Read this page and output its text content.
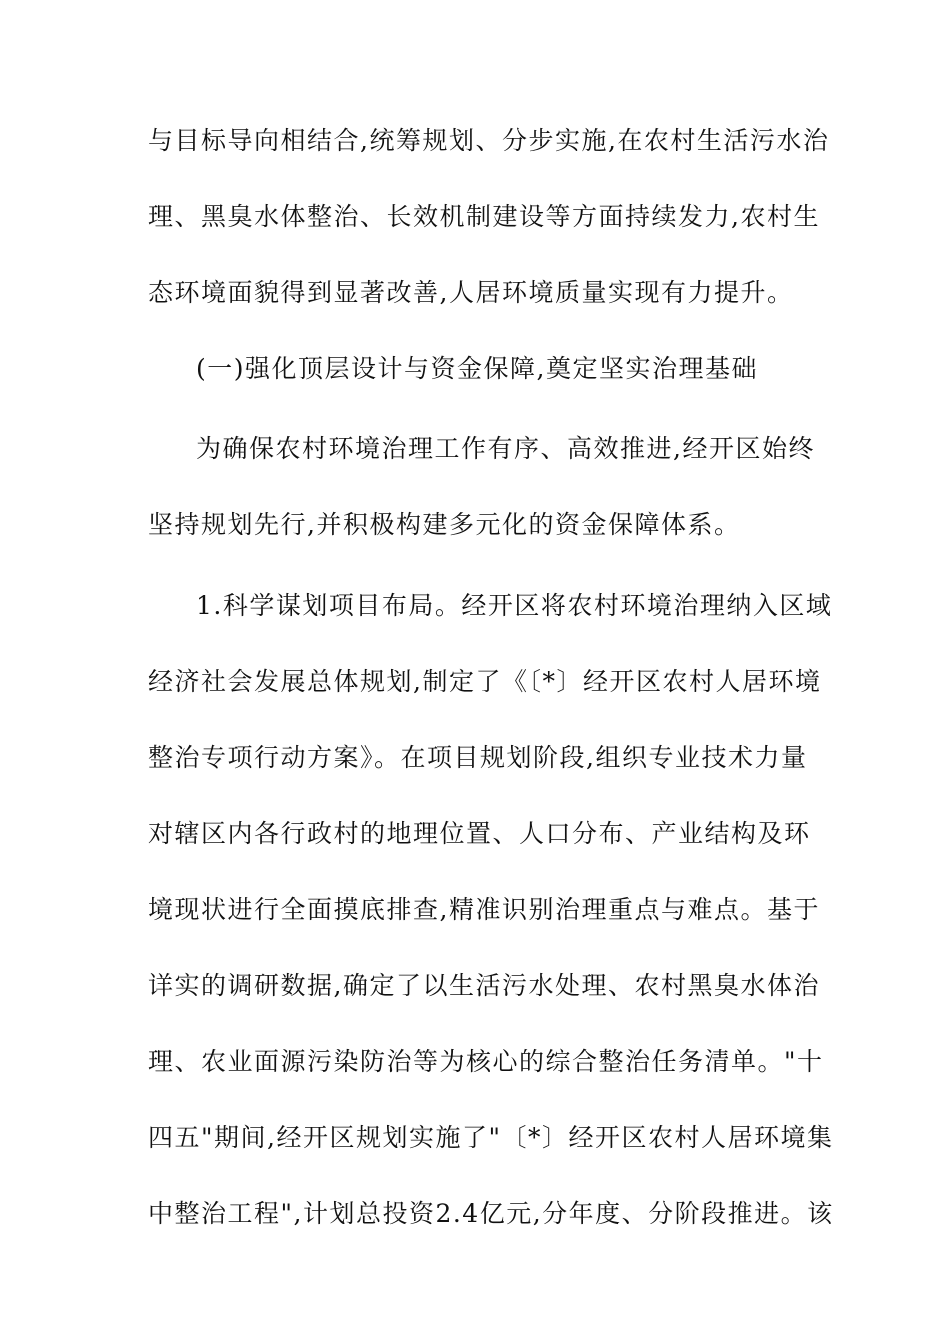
与目标导向相结合,统筹规划、分步实施,在农村生活污水治
理、黑臭水体整治、长效机制建设等方面持续发力,农村生
态环境面貌得到显著改善,人居环境质量实现有力提升。
(一)强化顶层设计与资金保障,奠定坚实治理基础
为确保农村环境治理工作有序、高效推进,经开区始终
坚持规划先行,并积极构建多元化的资金保障体系。
1.科学谋划项目布局。经开区将农村环境治理纳入区域
经济社会发展总体规划,制定了《〔*〕经开区农村人居环境
整治专项行动方案》。在项目规划阶段,组织专业技术力量
对辖区内各行政村的地理位置、人口分布、产业结构及环
境现状进行全面摸底排查,精准识别治理重点与难点。基于
详实的调研数据,确定了以生活污水处理、农村黑臭水体治
理、农业面源污染防治等为核心的综合整治任务清单。"十
四五"期间,经开区规划实施了"〔*〕经开区农村人居环境集
中整治工程",计划总投资2.4亿元,分年度、分阶段推进。该
